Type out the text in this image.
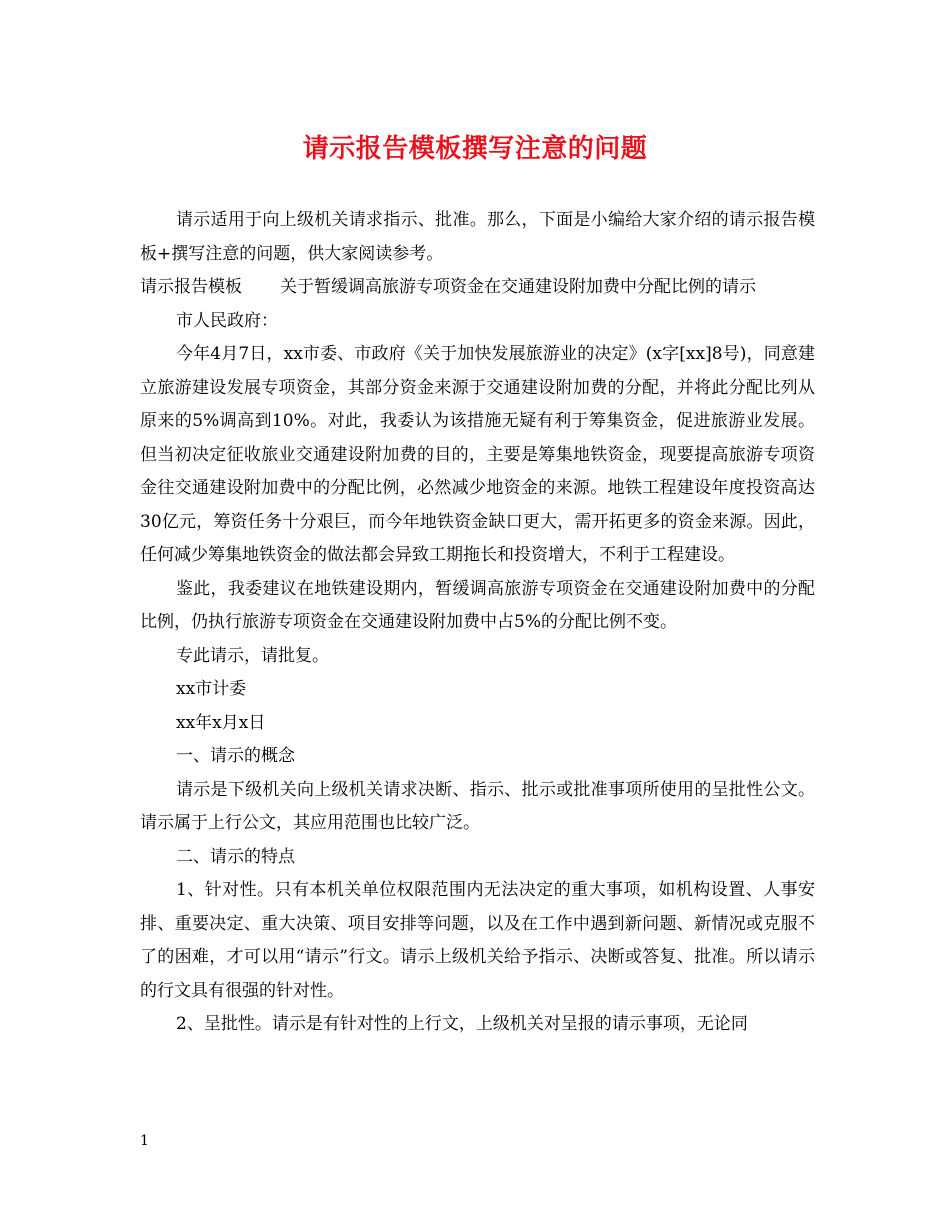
请示报告模板撰写注意的问题

请示适用于向上级机关请求指示、批准。那么，下面是小编给大家介绍的请示报告模板+撰写注意的问题，供大家阅读参考。

请示报告模板 关于暂缓调高旅游专项资金在交通建设附加费中分配比例的请示

市人民政府：

今年4月7日，xx市委、市政府《关于加快发展旅游业的决定》(x字[xx]8号)，同意建立旅游建设发展专项资金，其部分资金来源于交通建设附加费的分配，并将此分配比列从原来的5%调高到10%。对此，我委认为该措施无疑有利于筹集资金，促进旅游业发展。但当初决定征收旅业交通建设附加费的目的，主要是筹集地铁资金，现要提高旅游专项资金往交通建设附加费中的分配比例，必然减少地资金的来源。地铁工程建设年度投资高达30亿元，筹资任务十分艰巨，而今年地铁资金缺口更大，需开拓更多的资金来源。因此，任何减少筹集地铁资金的做法都会异致工期拖长和投资增大，不利于工程建设。

鉴此，我委建议在地铁建设期内，暂缓调高旅游专项资金在交通建设附加费中的分配比例，仍执行旅游专项资金在交通建设附加费中占5%的分配比例不变。

专此请示，请批复。

xx市计委

xx年x月x日

一、请示的概念

请示是下级机关向上级机关请求决断、指示、批示或批准事项所使用的呈批性公文。请示属于上行公文，其应用范围也比较广泛。

二、请示的特点

1、针对性。只有本机关单位权限范围内无法决定的重大事项，如机构设置、人事安排、重要决定、重大决策、项目安排等问题，以及在工作中遇到新问题、新情况或克服不了的困难，才可以用“请示”行文。请示上级机关给予指示、决断或答复、批准。所以请示的行文具有很强的针对性。

2、呈批性。请示是有针对性的上行文，上级机关对呈报的请示事项，无论同

1
